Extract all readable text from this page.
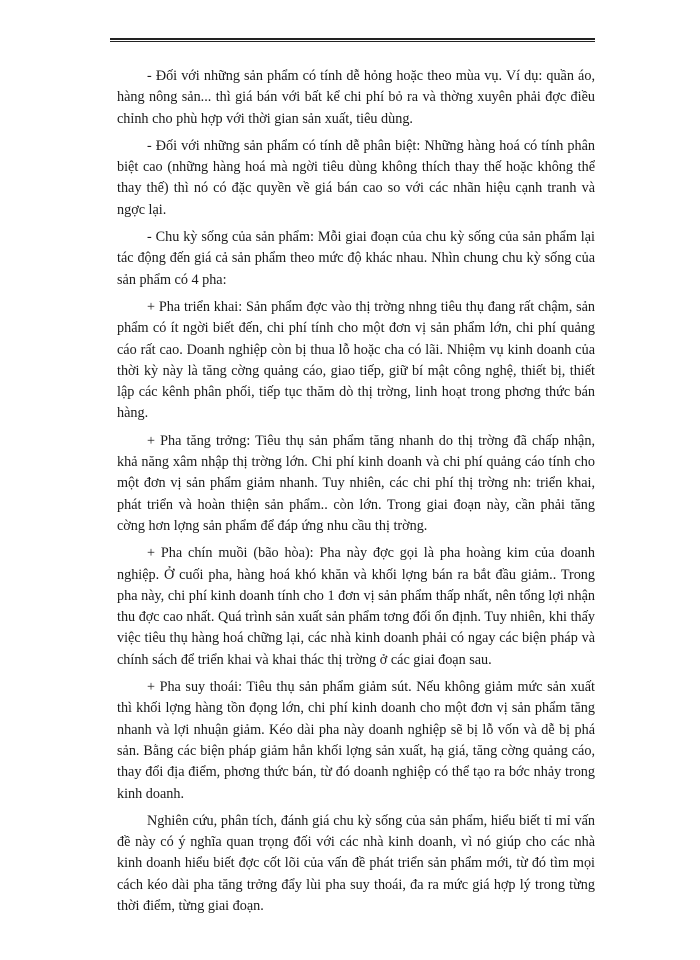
- Đối với những sản phẩm có tính dễ hỏng hoặc theo mùa vụ. Ví dụ: quần áo, hàng nông sản... thì giá bán với bất kể chi phí bỏ ra và thờng xuyên phải đợc điều chỉnh cho phù hợp với thời gian sản xuất, tiêu dùng.

- Đối với những sản phẩm có tính dễ phân biệt: Những hàng hoá có tính phân biệt cao (những hàng hoá mà ngời tiêu dùng không thích thay thế hoặc không thể thay thế) thì nó có đặc quyền về giá bán cao so với các nhãn hiệu cạnh tranh và ngợc lại.

- Chu kỳ sống của sản phẩm: Mỗi giai đoạn của chu kỳ sống của sản phẩm lại tác động đến giá cả sản phẩm theo mức độ khác nhau. Nhìn chung chu kỳ sống của sản phẩm có 4 pha:

+ Pha triển khai: Sản phẩm đợc vào thị trờng nhng tiêu thụ đang rất chậm, sản phẩm có ít ngời biết đến, chi phí tính cho một đơn vị sản phẩm lớn, chi phí quảng cáo rất cao. Doanh nghiệp còn bị thua lỗ hoặc cha có lãi. Nhiệm vụ kinh doanh của thời kỳ này là tăng cờng quảng cáo, giao tiếp, giữ bí mật công nghệ, thiết bị, thiết lập các kênh phân phối, tiếp tục thăm dò thị trờng, linh hoạt trong phơng thức bán hàng.

+ Pha tăng trởng: Tiêu thụ sản phẩm tăng nhanh do thị trờng đã chấp nhận, khả năng xâm nhập thị trờng lớn. Chi phí kinh doanh và chi phí quảng cáo tính cho một đơn vị sản phẩm giảm nhanh. Tuy nhiên, các chi phí thị trờng nh: triển khai, phát triển và hoàn thiện sản phẩm.. còn lớn. Trong giai đoạn này, cần phải tăng cờng hơn lợng sản phẩm để đáp ứng nhu cầu thị trờng.

+ Pha chín muồi (bão hòa): Pha này đợc gọi là pha hoàng kim của doanh nghiệp. Ở cuối pha, hàng hoá khó khăn và khối lợng bán ra bắt đầu giảm.. Trong pha này, chi phí kinh doanh tính cho 1 đơn vị sản phẩm thấp nhất, nên tổng lợi nhận thu đợc cao nhất. Quá trình sản xuất sản phẩm tơng đối ổn định. Tuy nhiên, khi thấy việc tiêu thụ hàng hoá chững lại, các nhà kinh doanh phải có ngay các biện pháp và chính sách để triển khai và khai thác thị trờng ở các giai đoạn sau.

+ Pha suy thoái: Tiêu thụ sản phẩm giảm sút. Nếu không giảm mức sản xuất thì khối lợng hàng tồn đọng lớn, chi phí kinh doanh cho một đơn vị sản phẩm tăng nhanh và lợi nhuận giảm. Kéo dài pha này doanh nghiệp sẽ bị lỗ vốn và dễ bị phá sản. Bằng các biện pháp giảm hẳn khối lợng sản xuất, hạ giá, tăng cờng quảng cáo, thay đổi địa điểm, phơng thức bán, từ đó doanh nghiệp có thể tạo ra bớc nhảy trong kinh doanh.

Nghiên cứu, phân tích, đánh giá chu kỳ sống của sản phẩm, hiểu biết tỉ mỉ vấn đề này có ý nghĩa quan trọng đối với các nhà kinh doanh, vì nó giúp cho các nhà kinh doanh hiểu biết đợc cốt lõi của vấn đề phát triển sản phẩm mới, từ đó tìm mọi cách kéo dài pha tăng trởng đẩy lùi pha suy thoái, đa ra mức giá hợp lý trong từng thời điểm, từng giai đoạn.
